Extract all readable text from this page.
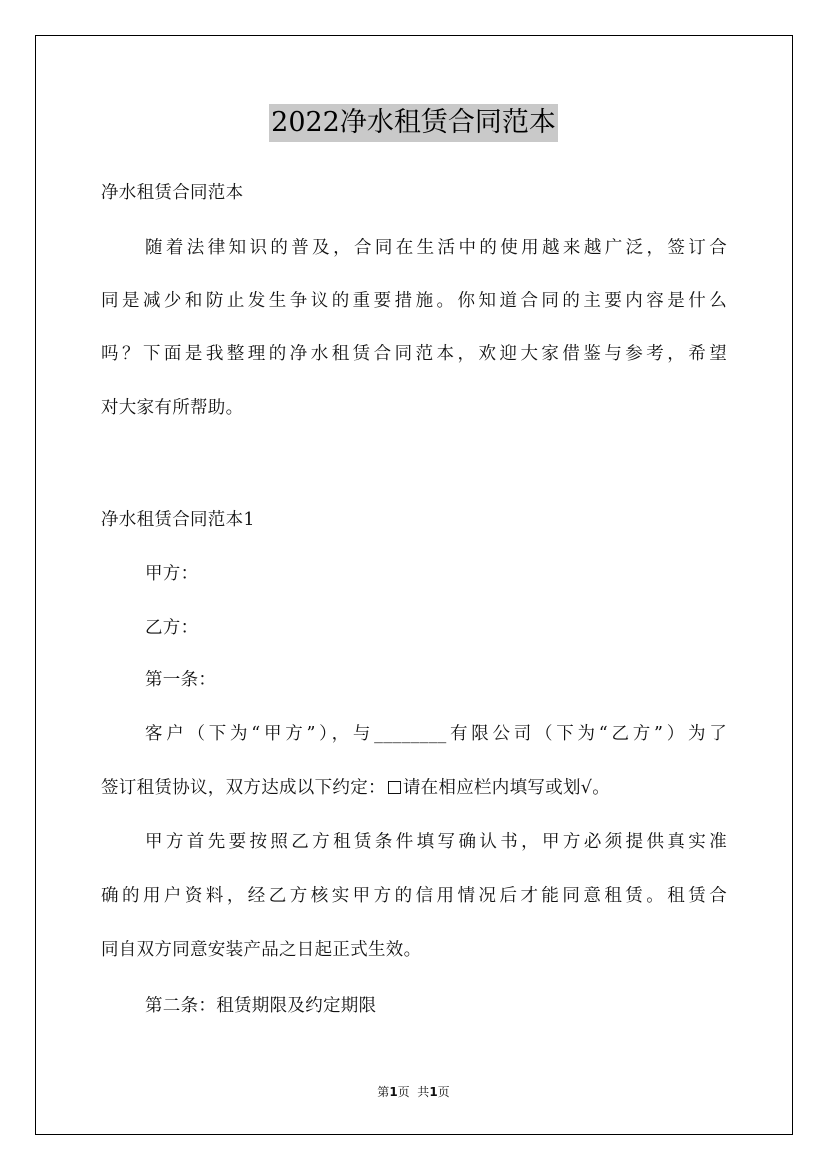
2022净水租赁合同范本
净水租赁合同范本
随着法律知识的普及，合同在生活中的使用越来越广泛，签订合
同是减少和防止发生争议的重要措施。你知道合同的主要内容是什么
吗？下面是我整理的净水租赁合同范本，欢迎大家借鉴与参考，希望
对大家有所帮助。
净水租赁合同范本1
甲方：
乙方：
第一条：
客户（下为“甲方”），与________有限公司（下为“乙方”）为了
签订租赁协议，双方达成以下约定： 请在相应栏内填写或划√。
甲方首先要按照乙方租赁条件填写确认书，甲方必须提供真实准
确的用户资料，经乙方核实甲方的信用情况后才能同意租赁。租赁合
同自双方同意安装产品之日起正式生效。
第二条：租赁期限及约定期限
第1页  共1页
